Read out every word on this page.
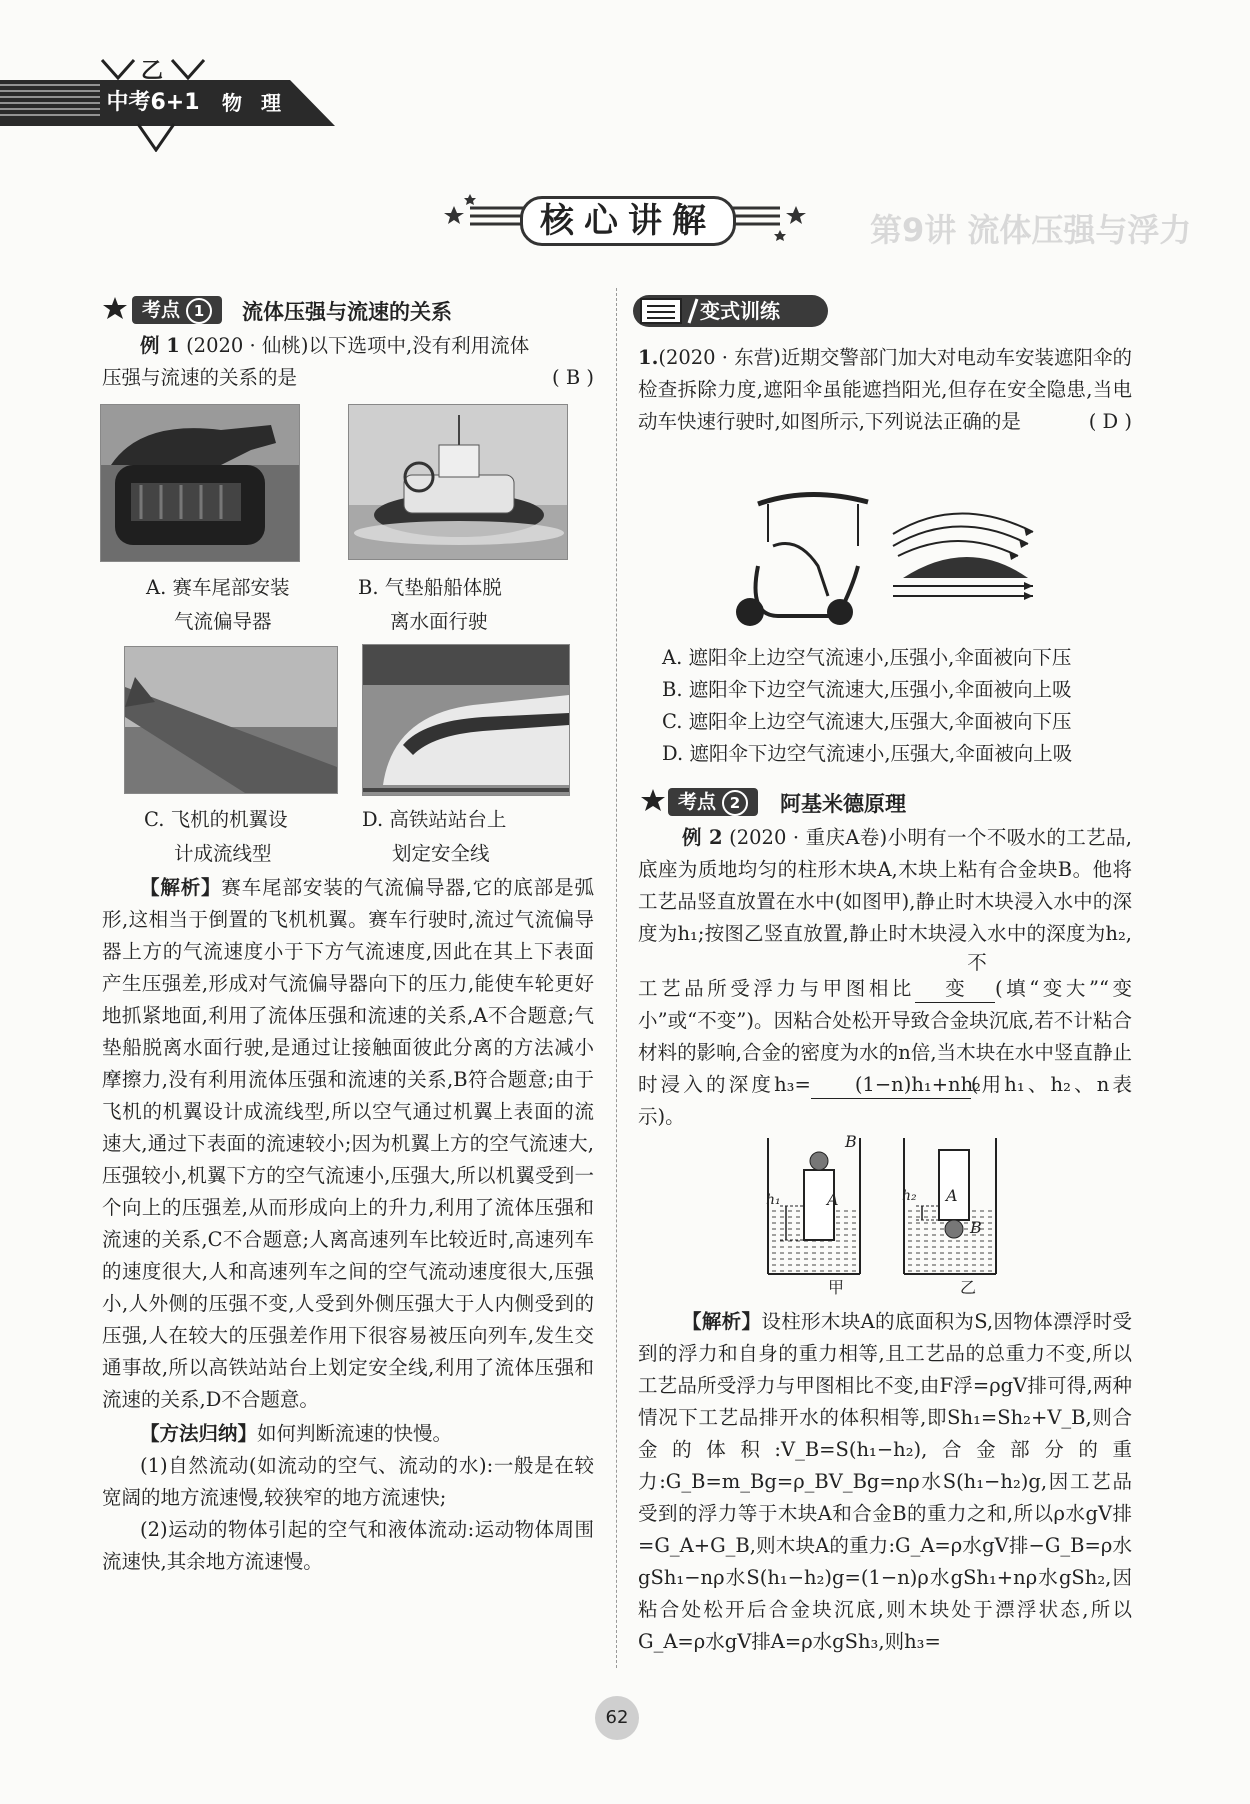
乙
中考6+1	物 理
第9讲 流体压强与浮力
核心讲解
考点 1	流体压强与流速的关系

例 1 (2020 · 仙桃)以下选项中,没有利用流体

压强与流速的关系的是	( B )

A. 赛车尾部安装
气流偏导器
B. 气垫船船体脱
离水面行驶
C. 飞机的机翼设
计成流线型
D. 高铁站站台上
划定安全线

【解析】赛车尾部安装的气流偏导器,它的底部是弧形,这相当于倒置的飞机机翼。赛车行驶时,流过气流偏导器上方的气流速度小于下方气流速度,因此在其上下表面产生压强差,形成对气流偏导器向下的压力,能使车轮更好地抓紧地面,利用了流体压强和流速的关系,A不合题意;气垫船脱离水面行驶,是通过让接触面彼此分离的方法减小摩擦力,没有利用流体压强和流速的关系,B符合题意;由于飞机的机翼设计成流线型,所以空气通过机翼上表面的流速大,通过下表面的流速较小;因为机翼上方的空气流速大,压强较小,机翼下方的空气流速小,压强大,所以机翼受到一个向上的压强差,从而形成向上的升力,利用了流体压强和流速的关系,C不合题意;人离高速列车比较近时,高速列车的速度很大,人和高速列车之间的空气流动速度很大,压强小,人外侧的压强不变,人受到外侧压强大于人内侧受到的压强,人在较大的压强差作用下很容易被压向列车,发生交通事故,所以高铁站站台上划定安全线,利用了流体压强和流速的关系,D不合题意。

【方法归纳】如何判断流速的快慢。

(1)自然流动(如流动的空气、流动的水):一般是在较宽阔的地方流速慢,较狭窄的地方流速快;

(2)运动的物体引起的空气和液体流动:运动物体周围流速快,其余地方流速慢。

变式训练

1.(2020 · 东营)近期交警部门加大对电动车安装遮阳伞的检查拆除力度,遮阳伞虽能遮挡阳光,但存在安全隐患,当电动车快速行驶时,如图所示,下列说法正确的是	( D )

A. 遮阳伞上边空气流速小,压强小,伞面被向下压

B. 遮阳伞下边空气流速大,压强小,伞面被向上吸

C. 遮阳伞上边空气流速大,压强大,伞面被向下压

D. 遮阳伞下边空气流速小,压强大,伞面被向上吸

考点 2	阿基米德原理

例 2 (2020 · 重庆A卷)小明有一个不吸水的工艺品,底座为质地均匀的柱形木块A,木块上粘有合金块B。他将工艺品竖直放置在水中(如图甲),静止时木块浸入水中的深度为h₁;按图乙竖直放置,静止时木块浸入水中的深度为h₂,工艺品所受浮力与甲图相比不变 (填“变大”“变小”或“不变”)。因粘合处松开导致合金块沉底,若不计粘合材料的影响,合金的密度为水的n倍,当木块在水中竖直静止时浸入的深度h₃= (1−n)h₁+nh₂(用h₁、h₂、n表示)。

B
A
h₁	A
B
h₂
甲	乙

【解析】设柱形木块A的底面积为S,因物体漂浮时受到的浮力和自身的重力相等,且工艺品的总重力不变,所以工艺品所受浮力与甲图相比不变,由F浮=ρgV排可得,两种情况下工艺品排开水的体积相等,即Sh₁=Sh₂+V_B,则合金的体积:V_B=S(h₁−h₂),合金部分的重力:G_B=m_Bg=ρ_BV_Bg=nρ水S(h₁−h₂)g,因工艺品受到的浮力等于木块A和合金B的重力之和,所以ρ水gV排=G_A+G_B,则木块A的重力:G_A=ρ水gV排−G_B=ρ水gSh₁−nρ水S(h₁−h₂)g=(1−n)ρ水gSh₁+nρ水gSh₂,因粘合处松开后合金块沉底,则木块处于漂浮状态,所以G_A=ρ水gV排A=ρ水gSh₃,则h₃=

62
